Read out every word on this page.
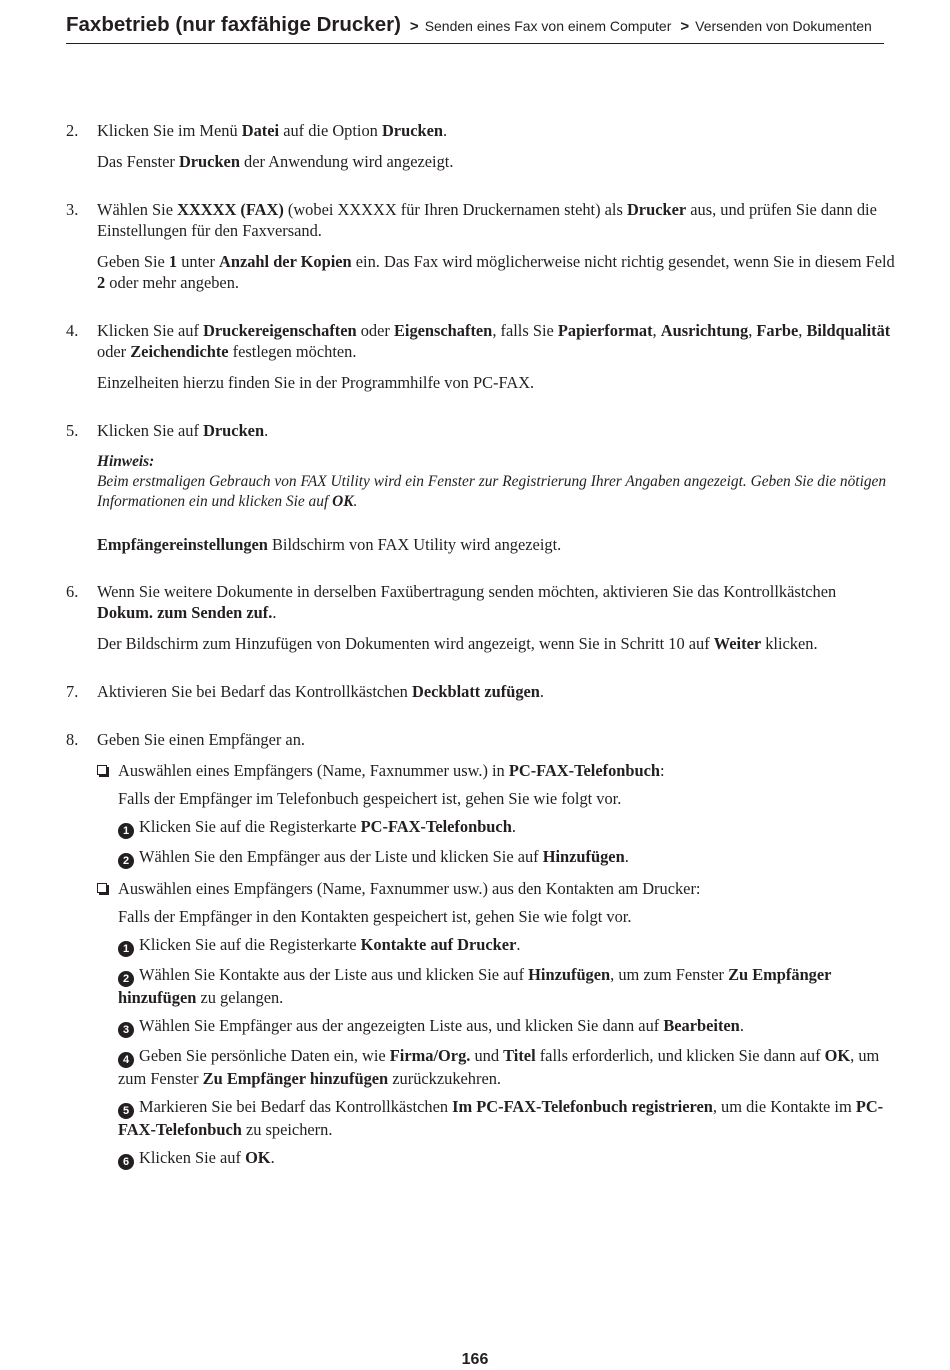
Faxbetrieb (nur faxfähige Drucker) > Senden eines Fax von einem Computer > Versenden von Dokumenten
2.	Klicken Sie im Menü Datei auf die Option Drucken.

Das Fenster Drucken der Anwendung wird angezeigt.

3.	Wählen Sie XXXXX (FAX) (wobei XXXXX für Ihren Druckernamen steht) als Drucker aus, und prüfen Sie dann die Einstellungen für den Faxversand.

Geben Sie 1 unter Anzahl der Kopien ein. Das Fax wird möglicherweise nicht richtig gesendet, wenn Sie in diesem Feld 2 oder mehr angeben.

4.	Klicken Sie auf Druckereigenschaften oder Eigenschaften, falls Sie Papierformat, Ausrichtung, Farbe, Bildqualität oder Zeichendichte festlegen möchten.

Einzelheiten hierzu finden Sie in der Programmhilfe von PC-FAX.

5.	Klicken Sie auf Drucken.

Hinweis:
Beim erstmaligen Gebrauch von FAX Utility wird ein Fenster zur Registrierung Ihrer Angaben angezeigt. Geben Sie die nötigen Informationen ein und klicken Sie auf OK.

Empfängereinstellungen Bildschirm von FAX Utility wird angezeigt.

6.	Wenn Sie weitere Dokumente in derselben Faxübertragung senden möchten, aktivieren Sie das Kontrollkästchen Dokum. zum Senden zuf..

Der Bildschirm zum Hinzufügen von Dokumenten wird angezeigt, wenn Sie in Schritt 10 auf Weiter klicken.

7.	Aktivieren Sie bei Bedarf das Kontrollkästchen Deckblatt zufügen.

8.	Geben Sie einen Empfänger an.

Auswählen eines Empfängers (Name, Faxnummer usw.) in PC-FAX-Telefonbuch:

Falls der Empfänger im Telefonbuch gespeichert ist, gehen Sie wie folgt vor.

1 Klicken Sie auf die Registerkarte PC-FAX-Telefonbuch.

2 Wählen Sie den Empfänger aus der Liste und klicken Sie auf Hinzufügen.

Auswählen eines Empfängers (Name, Faxnummer usw.) aus den Kontakten am Drucker:

Falls der Empfänger in den Kontakten gespeichert ist, gehen Sie wie folgt vor.

1 Klicken Sie auf die Registerkarte Kontakte auf Drucker.

2 Wählen Sie Kontakte aus der Liste aus und klicken Sie auf Hinzufügen, um zum Fenster Zu Empfänger hinzufügen zu gelangen.

3 Wählen Sie Empfänger aus der angezeigten Liste aus, und klicken Sie dann auf Bearbeiten.

4 Geben Sie persönliche Daten ein, wie Firma/Org. und Titel falls erforderlich, und klicken Sie dann auf OK, um zum Fenster Zu Empfänger hinzufügen zurückzukehren.

5 Markieren Sie bei Bedarf das Kontrollkästchen Im PC-FAX-Telefonbuch registrieren, um die Kontakte im PC-FAX-Telefonbuch zu speichern.

6 Klicken Sie auf OK.

166
